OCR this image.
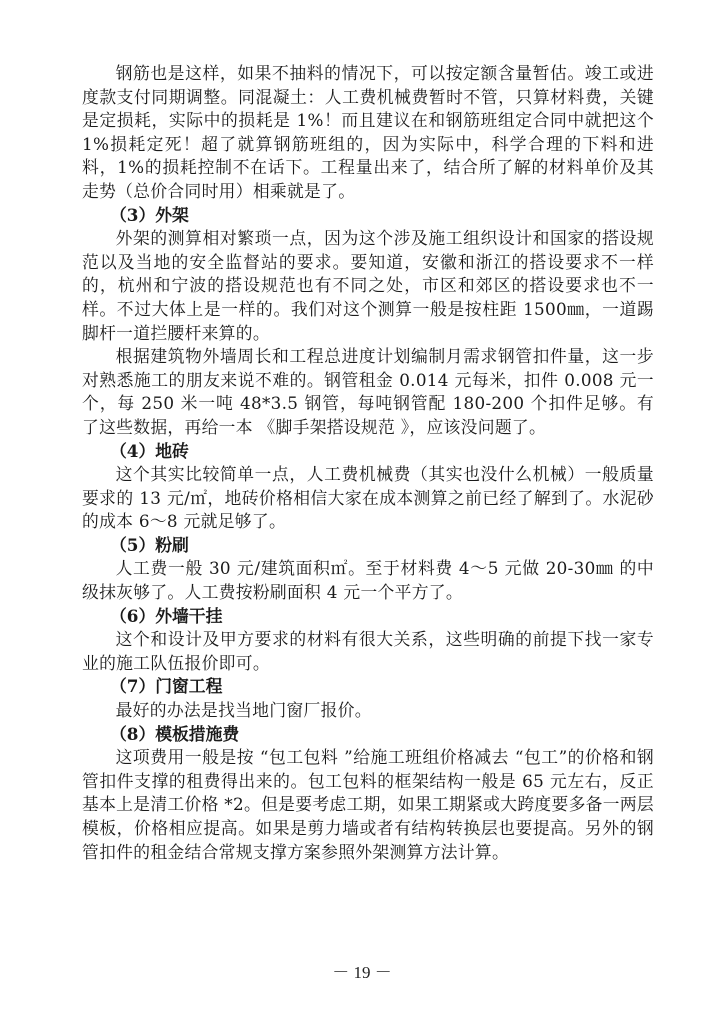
钢筋也是这样，如果不抽料的情况下，可以按定额含量暂估。竣工或进度款支付同期调整。同混凝土：人工费机械费暂时不管，只算材料费，关键是定损耗，实际中的损耗是 1%！而且建议在和钢筋班组定合同中就把这个 1%损耗定死！超了就算钢筋班组的，因为实际中，科学合理的下料和进料，1%的损耗控制不在话下。工程量出来了，结合所了解的材料单价及其走势（总价合同时用）相乘就是了。

（3）外架

外架的测算相对繁琐一点，因为这个涉及施工组织设计和国家的搭设规范以及当地的安全监督站的要求。要知道，安徽和浙江的搭设要求不一样的，杭州和宁波的搭设规范也有不同之处，市区和郊区的搭设要求也不一样。不过大体上是一样的。我们对这个测算一般是按柱距 1500㎜，一道踢脚杆一道拦腰杆来算的。

根据建筑物外墙周长和工程总进度计划编制月需求钢管扣件量，这一步对熟悉施工的朋友来说不难的。钢管租金 0.014 元每米，扣件 0.008 元一个，每 250 米一吨 48*3.5 钢管，每吨钢管配 180-200 个扣件足够。有了这些数据，再给一本 《脚手架搭设规范 》，应该没问题了。

（4）地砖

这个其实比较简单一点，人工费机械费（其实也没什么机械）一般质量要求的 13 元/㎡，地砖价格相信大家在成本测算之前已经了解到了。水泥砂的成本 6～8 元就足够了。

（5）粉刷

人工费一般 30 元/建筑面积㎡。至于材料费 4～5 元做 20-30㎜ 的中级抹灰够了。人工费按粉刷面积 4 元一个平方了。

（6）外墙干挂

这个和设计及甲方要求的材料有很大关系，这些明确的前提下找一家专业的施工队伍报价即可。

（7）门窗工程

最好的办法是找当地门窗厂报价。

（8）模板措施费

这项费用一般是按 “包工包料 ”给施工班组价格减去 “包工”的价格和钢管扣件支撑的租费得出来的。包工包料的框架结构一般是 65 元左右，反正基本上是清工价格 *2。但是要考虑工期，如果工期紧或大跨度要多备一两层模板，价格相应提高。如果是剪力墙或者有结构转换层也要提高。另外的钢管扣件的租金结合常规支撑方案参照外架测算方法计算。

－ 19 －
